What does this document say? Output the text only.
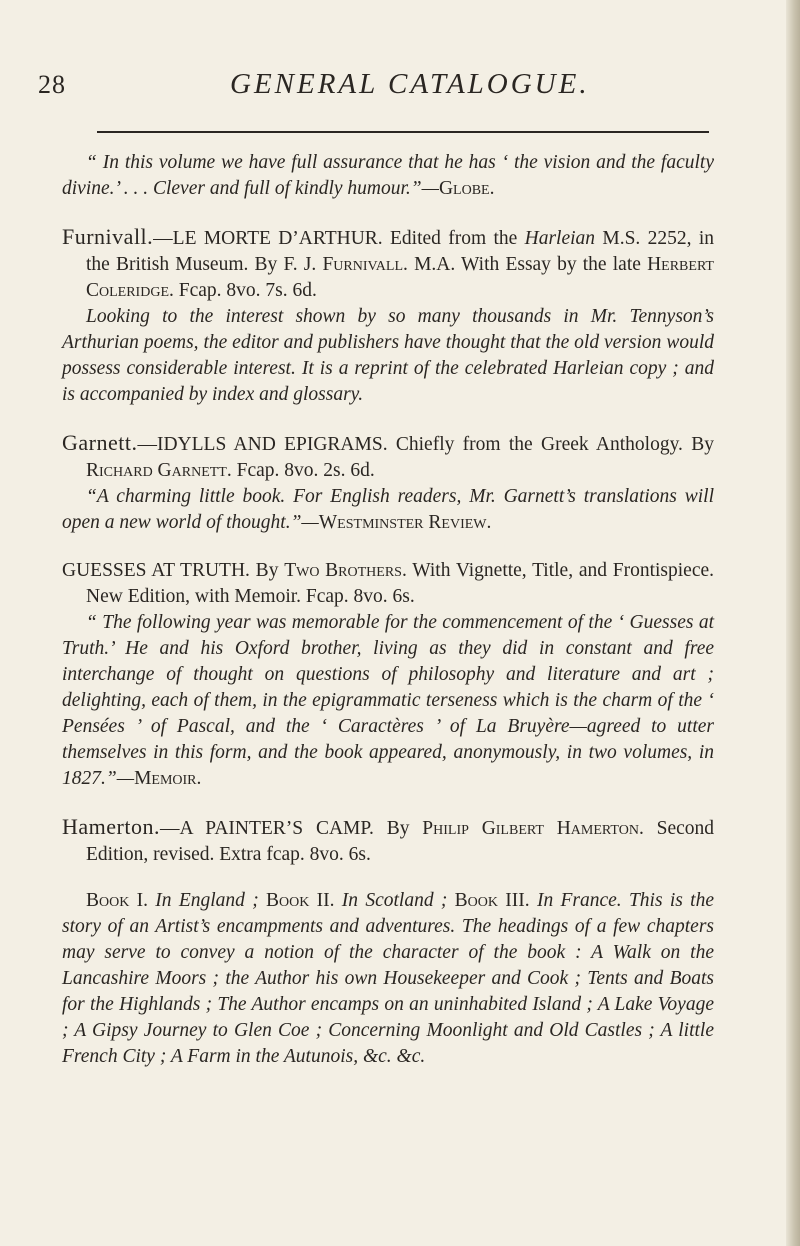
28	GENERAL CATALOGUE.

“ In this volume we have full assurance that he has ‘ the vision and the faculty divine.’ . . . Clever and full of kindly humour.”—Globe.

Furnivall.—LE MORTE D’ARTHUR. Edited from the Harleian M.S. 2252, in the British Museum. By F. J. Furnivall. M.A. With Essay by the late Herbert Coleridge. Fcap. 8vo. 7s. 6d.

Looking to the interest shown by so many thousands in Mr. Tennyson’s Arthurian poems, the editor and publishers have thought that the old version would possess considerable interest. It is a reprint of the celebrated Harleian copy ; and is accompanied by index and glossary.

Garnett.—IDYLLS AND EPIGRAMS. Chiefly from the Greek Anthology. By Richard Garnett. Fcap. 8vo. 2s. 6d.

“A charming little book. For English readers, Mr. Garnett’s translations will open a new world of thought.”—Westminster Review.

GUESSES AT TRUTH. By Two Brothers. With Vignette, Title, and Frontispiece. New Edition, with Memoir. Fcap. 8vo. 6s.

“ The following year was memorable for the commencement of the ‘ Guesses at Truth.’ He and his Oxford brother, living as they did in constant and free interchange of thought on questions of philosophy and literature and art ; delighting, each of them, in the epigrammatic terseness which is the charm of the ‘ Pensées ’ of Pascal, and the ‘ Caractères ’ of La Bruyère—agreed to utter themselves in this form, and the book appeared, anonymously, in two volumes, in 1827.”—Memoir.

Hamerton.—A PAINTER’S CAMP. By Philip Gilbert Hamerton. Second Edition, revised. Extra fcap. 8vo. 6s.

Book I. In England ; Book II. In Scotland ; Book III. In France. This is the story of an Artist’s encampments and adventures. The headings of a few chapters may serve to convey a notion of the character of the book : A Walk on the Lancashire Moors ; the Author his own Housekeeper and Cook ; Tents and Boats for the Highlands ; The Author encamps on an uninhabited Island ; A Lake Voyage ; A Gipsy Journey to Glen Coe ; Concerning Moonlight and Old Castles ; A little French City ; A Farm in the Autunois, &c. &c.
